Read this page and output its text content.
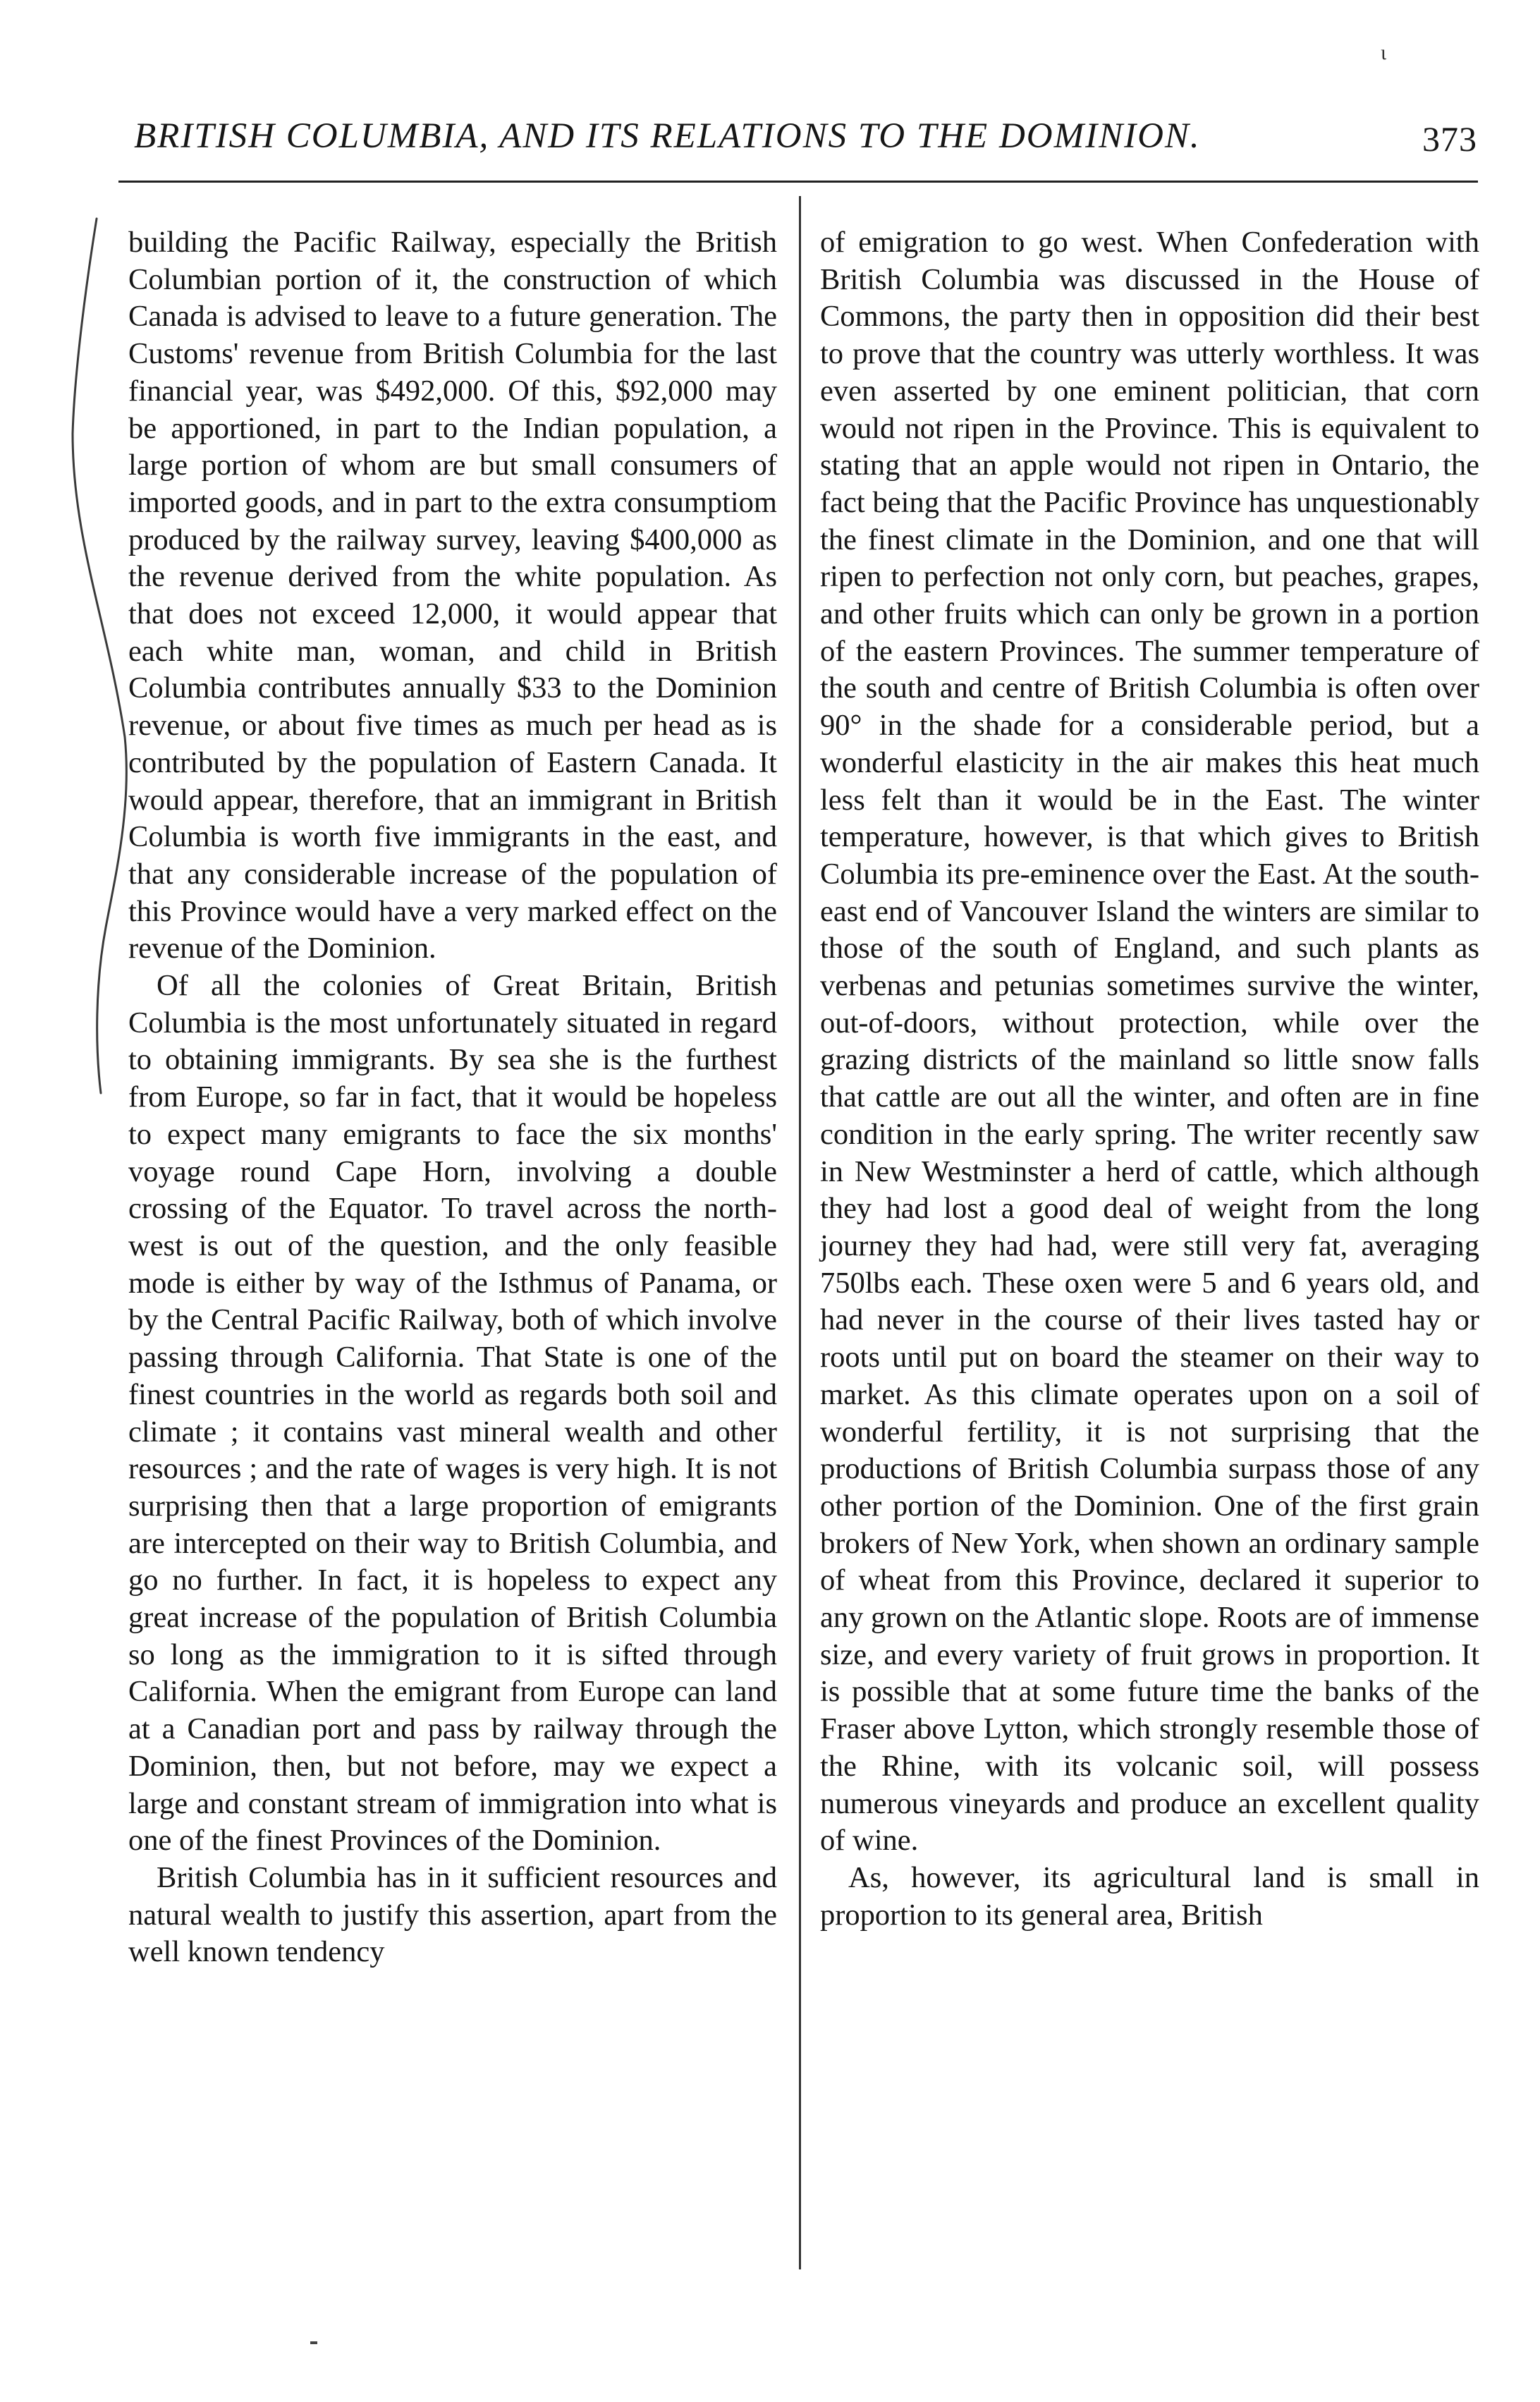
ι
BRITISH COLUMBIA, AND ITS RELATIONS TO THE DOMINION.	373

building the Pacific Railway, especially the British Columbian portion of it, the construction of which Canada is advised to leave to a future generation. The Customs' revenue from British Columbia for the last financial year, was $492,000. Of this, $92,000 may be apportioned, in part to the Indian population, a large portion of whom are but small consumers of imported goods, and in part to the extra consumptiom produced by the railway survey, leaving $400,000 as the revenue derived from the white population. As that does not exceed 12,000, it would appear that each white man, woman, and child in British Columbia contributes annually $33 to the Dominion revenue, or about five times as much per head as is contributed by the population of Eastern Canada. It would appear, therefore, that an immigrant in British Columbia is worth five immigrants in the east, and that any considerable increase of the population of this Province would have a very marked effect on the revenue of the Dominion.

Of all the colonies of Great Britain, British Columbia is the most unfortunately situated in regard to obtaining immigrants. By sea she is the furthest from Europe, so far in fact, that it would be hopeless to expect many emigrants to face the six months' voyage round Cape Horn, involving a double crossing of the Equator. To travel across the north-west is out of the question, and the only feasible mode is either by way of the Isthmus of Panama, or by the Central Pacific Railway, both of which involve passing through California. That State is one of the finest countries in the world as regards both soil and climate ; it contains vast mineral wealth and other resources ; and the rate of wages is very high. It is not surprising then that a large proportion of emigrants are intercepted on their way to British Columbia, and go no further. In fact, it is hopeless to expect any great increase of the population of British Columbia so long as the immigration to it is sifted through California. When the emigrant from Europe can land at a Canadian port and pass by railway through the Dominion, then, but not before, may we expect a large and constant stream of immigration into what is one of the finest Provinces of the Dominion.

British Columbia has in it sufficient resources and natural wealth to justify this assertion, apart from the well known tendency

of emigration to go west. When Confederation with British Columbia was discussed in the House of Commons, the party then in opposition did their best to prove that the country was utterly worthless. It was even asserted by one eminent politician, that corn would not ripen in the Province. This is equivalent to stating that an apple would not ripen in Ontario, the fact being that the Pacific Province has unquestionably the finest climate in the Dominion, and one that will ripen to perfection not only corn, but peaches, grapes, and other fruits which can only be grown in a portion of the eastern Provinces. The summer temperature of the south and centre of British Columbia is often over 90° in the shade for a considerable period, but a wonderful elasticity in the air makes this heat much less felt than it would be in the East. The winter temperature, however, is that which gives to British Columbia its pre-eminence over the East. At the south-east end of Vancouver Island the winters are similar to those of the south of England, and such plants as verbenas and petunias sometimes survive the winter, out-of-doors, without protection, while over the grazing districts of the mainland so little snow falls that cattle are out all the winter, and often are in fine condition in the early spring. The writer recently saw in New Westminster a herd of cattle, which although they had lost a good deal of weight from the long journey they had had, were still very fat, averaging 750lbs each. These oxen were 5 and 6 years old, and had never in the course of their lives tasted hay or roots until put on board the steamer on their way to market. As this climate operates upon on a soil of wonderful fertility, it is not surprising that the productions of British Columbia surpass those of any other portion of the Dominion. One of the first grain brokers of New York, when shown an ordinary sample of wheat from this Province, declared it superior to any grown on the Atlantic slope. Roots are of immense size, and every variety of fruit grows in proportion. It is possible that at some future time the banks of the Fraser above Lytton, which strongly resemble those of the Rhine, with its volcanic soil, will possess numerous vineyards and produce an excellent quality of wine.

As, however, its agricultural land is small in proportion to its general area, British
